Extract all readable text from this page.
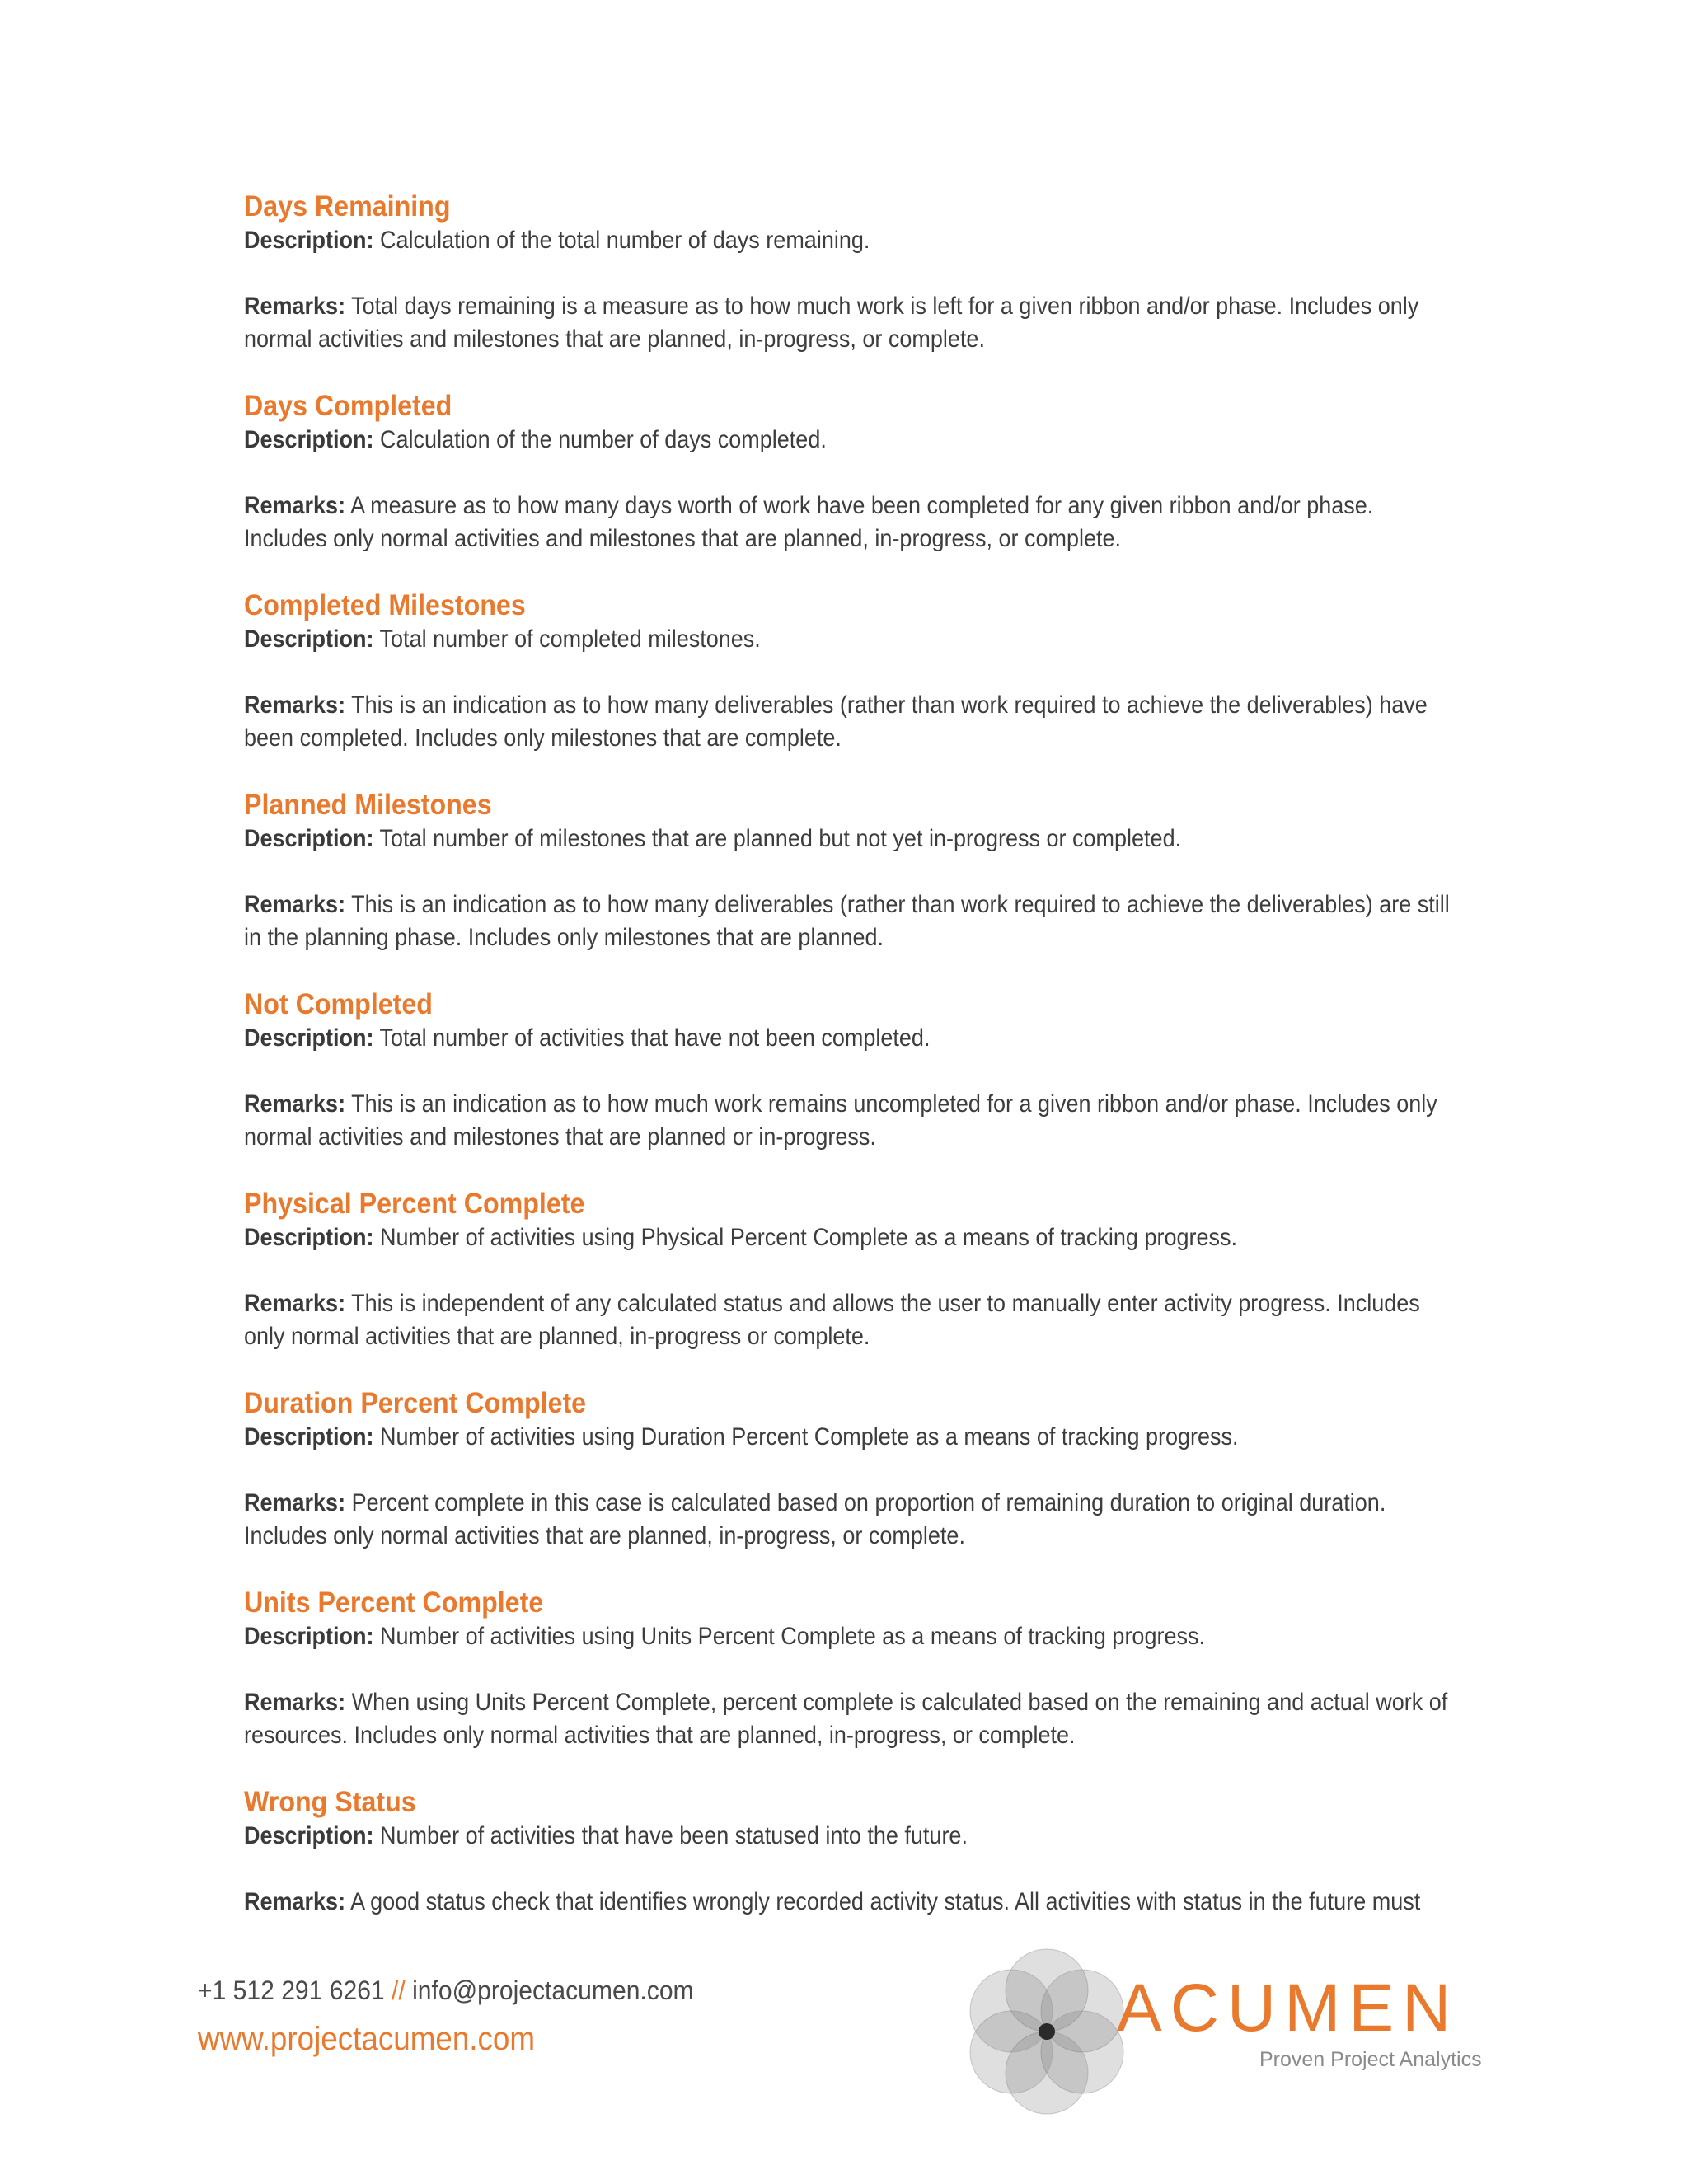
Days Remaining
Description: Calculation of the total number of days remaining.
Remarks: Total days remaining is a measure as to how much work is left for a given ribbon and/or phase. Includes only
normal activities and milestones that are planned, in-progress, or complete.
Days Completed
Description: Calculation of the number of days completed.
Remarks: A measure as to how many days worth of work have been completed for any given ribbon and/or phase.
Includes only normal activities and milestones that are planned, in-progress, or complete.
Completed Milestones
Description: Total number of completed milestones.
Remarks: This is an indication as to how many deliverables (rather than work required to achieve the deliverables) have
been completed. Includes only milestones that are complete.
Planned Milestones
Description: Total number of milestones that are planned but not yet in-progress or completed.
Remarks: This is an indication as to how many deliverables (rather than work required to achieve the deliverables) are still
in the planning phase. Includes only milestones that are planned.
Not Completed
Description: Total number of activities that have not been completed.
Remarks: This is an indication as to how much work remains uncompleted for a given ribbon and/or phase. Includes only
normal activities and milestones that are planned or in-progress.
Physical Percent Complete
Description: Number of activities using Physical Percent Complete as a means of tracking progress.
Remarks: This is independent of any calculated status and allows the user to manually enter activity progress. Includes
only normal activities that are planned, in-progress or complete.
Duration Percent Complete
Description: Number of activities using Duration Percent Complete as a means of tracking progress.
Remarks: Percent complete in this case is calculated based on proportion of remaining duration to original duration.
Includes only normal activities that are planned, in-progress, or complete.
Units Percent Complete
Description: Number of activities using Units Percent Complete as a means of tracking progress.
Remarks: When using Units Percent Complete, percent complete is calculated based on the remaining and actual work of
resources. Includes only normal activities that are planned, in-progress, or complete.
Wrong Status
Description: Number of activities that have been statused into the future.
Remarks: A good status check that identifies wrongly recorded activity status. All activities with status in the future must
+1 512 291 6261 // info@projectacumen.com
www.projectacumen.com	ACUMEN
Proven Project Analytics
